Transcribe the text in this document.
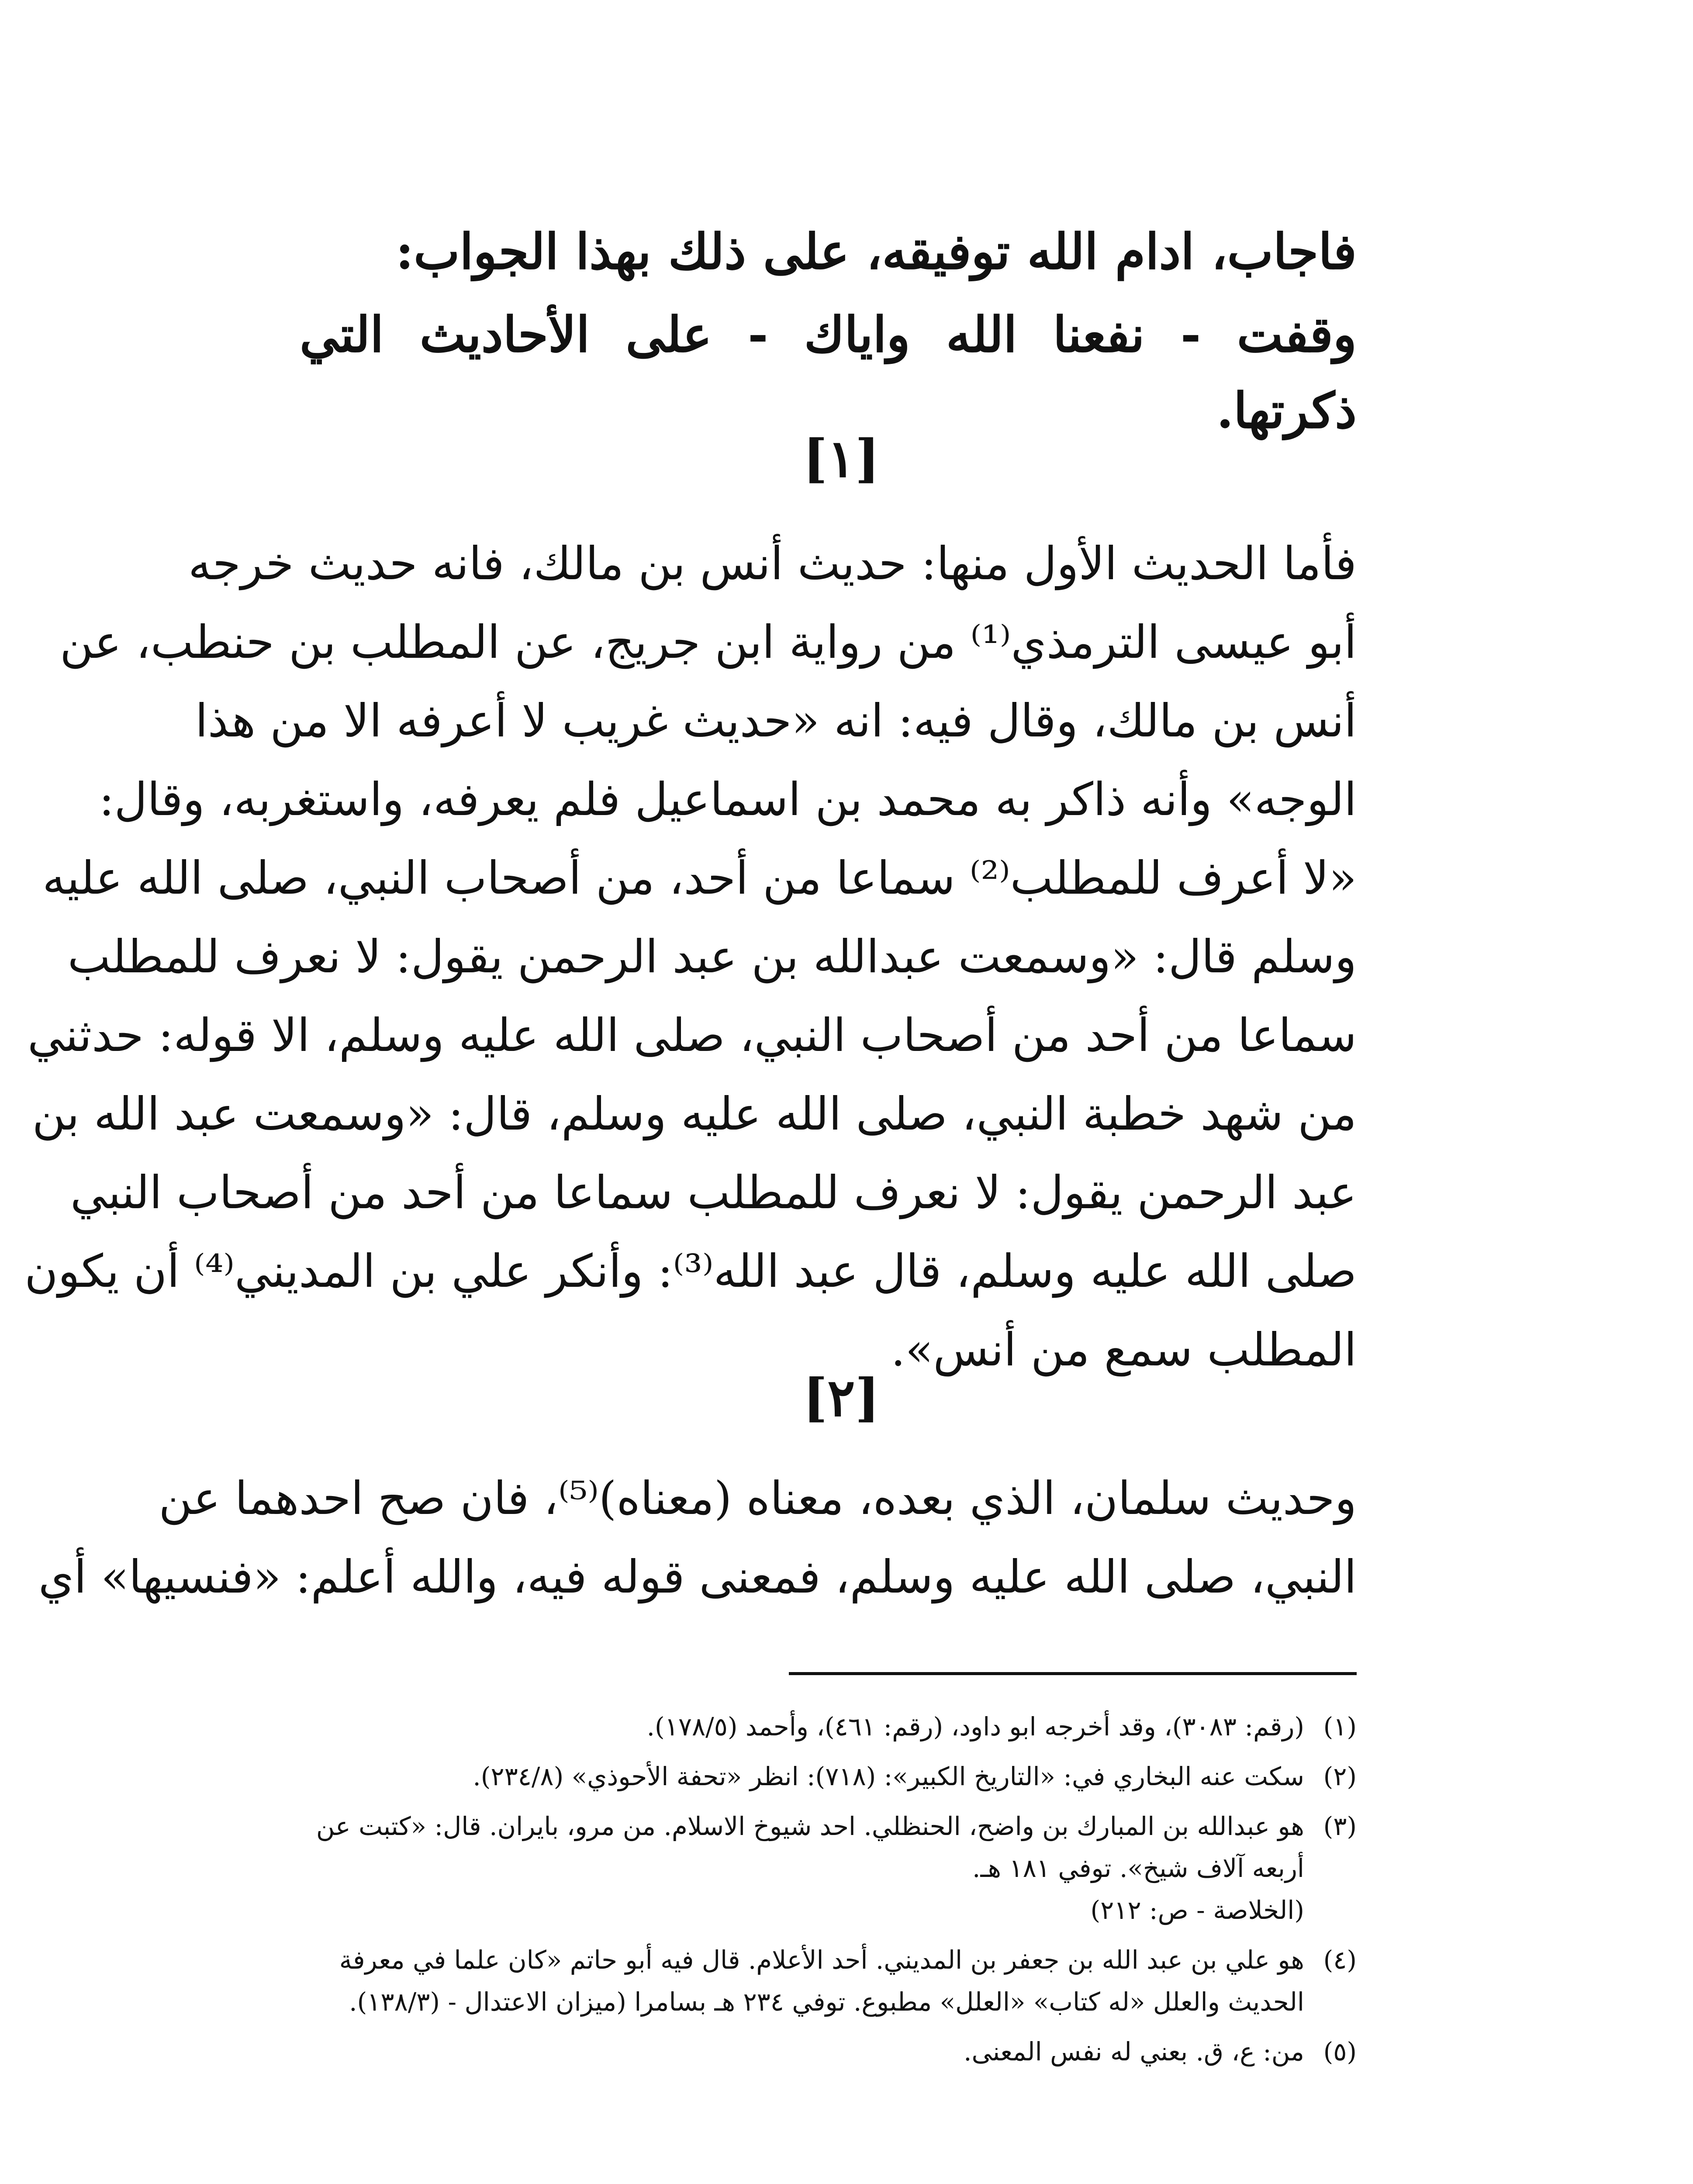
فاجاب، ادام الله توفيقه، على ذلك بهذا الجواب:
وقفت - نفعنا الله واياك - على الأحاديث التي ذكرتها.
[١]
فأما الحديث الأول منها: حديث أنس بن مالك، فانه حديث خرجه
أبو عيسى الترمذي⁽¹⁾ من رواية ابن جريج، عن المطلب بن حنطب، عن
أنس بن مالك، وقال فيه: انه «حديث غريب لا أعرفه الا من هذا
الوجه» وأنه ذاكر به محمد بن اسماعيل فلم يعرفه، واستغربه، وقال:
«لا أعرف للمطلب⁽²⁾ سماعا من أحد، من أصحاب النبي، صلى الله عليه
وسلم قال: «وسمعت عبدالله بن عبد الرحمن يقول: لا نعرف للمطلب
سماعا من أحد من أصحاب النبي، صلى الله عليه وسلم، الا قوله: حدثني
من شهد خطبة النبي، صلى الله عليه وسلم، قال: «وسمعت عبد الله بن
عبد الرحمن يقول: لا نعرف للمطلب سماعا من أحد من أصحاب النبي
صلى الله عليه وسلم، قال عبد الله⁽³⁾: وأنكر علي بن المديني⁽⁴⁾ أن يكون
المطلب سمع من أنس».
[٢]
وحديث سلمان، الذي بعده، معناه (معناه)⁽⁵⁾، فان صح احدهما عن
النبي، صلى الله عليه وسلم، فمعنى قوله فيه، والله أعلم: «فنسيها» أي
(١)
(رقم: ٣٠٨٣)، وقد أخرجه ابو داود، (رقم: ٤٦١)، وأحمد (١٧٨/٥).
(٢)
سكت عنه البخاري في: «التاريخ الكبير»: (٧١٨): انظر «تحفة الأحوذي» (٢٣٤/٨).
(٣)
هو عبدالله بن المبارك بن واضح، الحنظلي. احد شيوخ الاسلام. من مرو، بايران. قال: «كتبت عن
أربعه آلاف شيخ». توفي ١٨١ هـ.
(الخلاصة - ص: ٢١٢)
(٤)
هو علي بن عبد الله بن جعفر بن المديني. أحد الأعلام. قال فيه أبو حاتم «كان علما في معرفة
الحديث والعلل «له كتاب» «العلل» مطبوع. توفي ٢٣٤ هـ بسامرا (ميزان الاعتدال - (١٣٨/٣).
(٥)
من: ع، ق. بعني له نفس المعنى.
